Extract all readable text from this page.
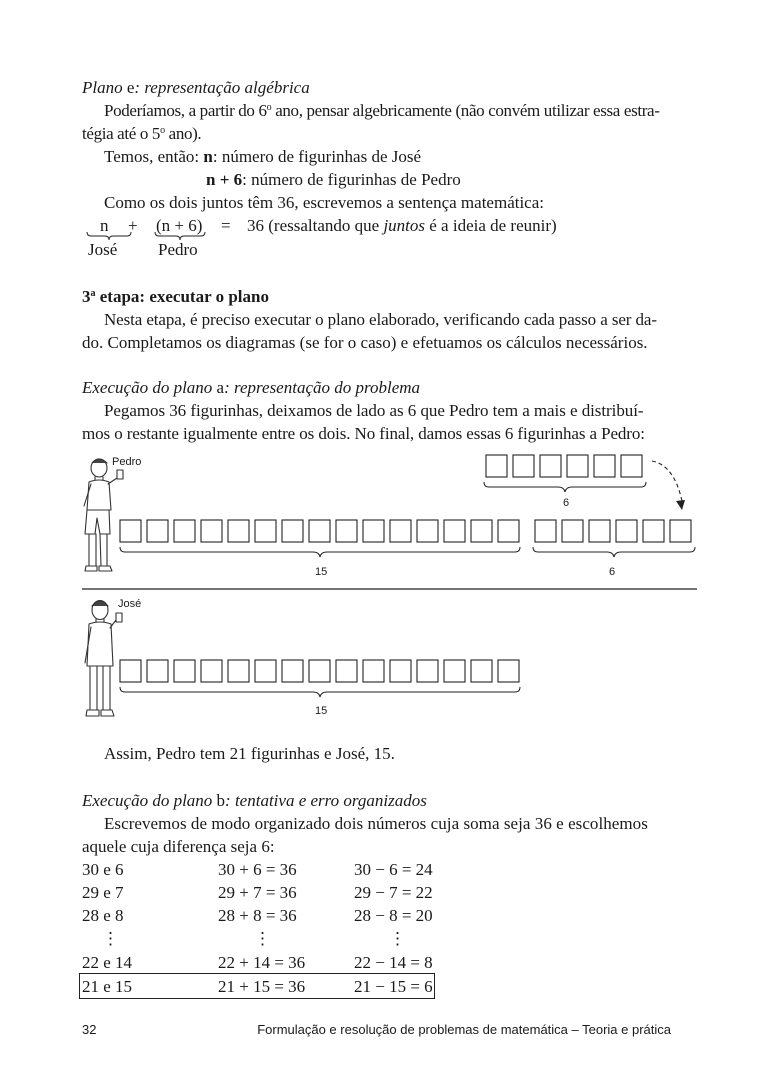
Plano e: representação algébrica
Poderíamos, a partir do 6$^o$ ano, pensar algebricamente (não convém utilizar essa estra-
tégia até o 5$^o$ ano).
Temos, então: n: número de figurinhas de José
n + 6: número de figurinhas de Pedro
Como os dois juntos têm 36, escrevemos a sentença matemática:
n + (n + 6) = 36 (ressaltando que juntos é a ideia de reunir)
José Pedro
3$^a$ etapa: executar o plano
Nesta etapa, é preciso executar o plano elaborado, verificando cada passo a ser da-
do. Completamos os diagramas (se for o caso) e efetuamos os cálculos necessários.
Execução do plano a: representação do problema
Pegamos 36 figurinhas, deixamos de lado as 6 que Pedro tem a mais e distribuí-
mos o restante igualmente entre os dois. No final, damos essas 6 figurinhas a Pedro:
Pedro
José
6
15	6
15
Assim, Pedro tem 21 figurinhas e José, 15.
Execução do plano b: tentativa e erro organizados
Escrevemos de modo organizado dois números cuja soma seja 36 e escolhemos
aquele cuja diferença seja 6:
30 e 6	30 + 6 = 36	30 − 6 = 24
29 e 7	29 + 7 = 36	29 − 7 = 22
28 e 8	28 + 8 = 36	28 − 8 = 20
⋮	⋮	⋮
22 e 14	22 + 14 = 36	22 − 14 = 8
21 e 15	21 + 15 = 36	21 − 15 = 6
32	Formulação e resolução de problemas de matemática – Teoria e prática
